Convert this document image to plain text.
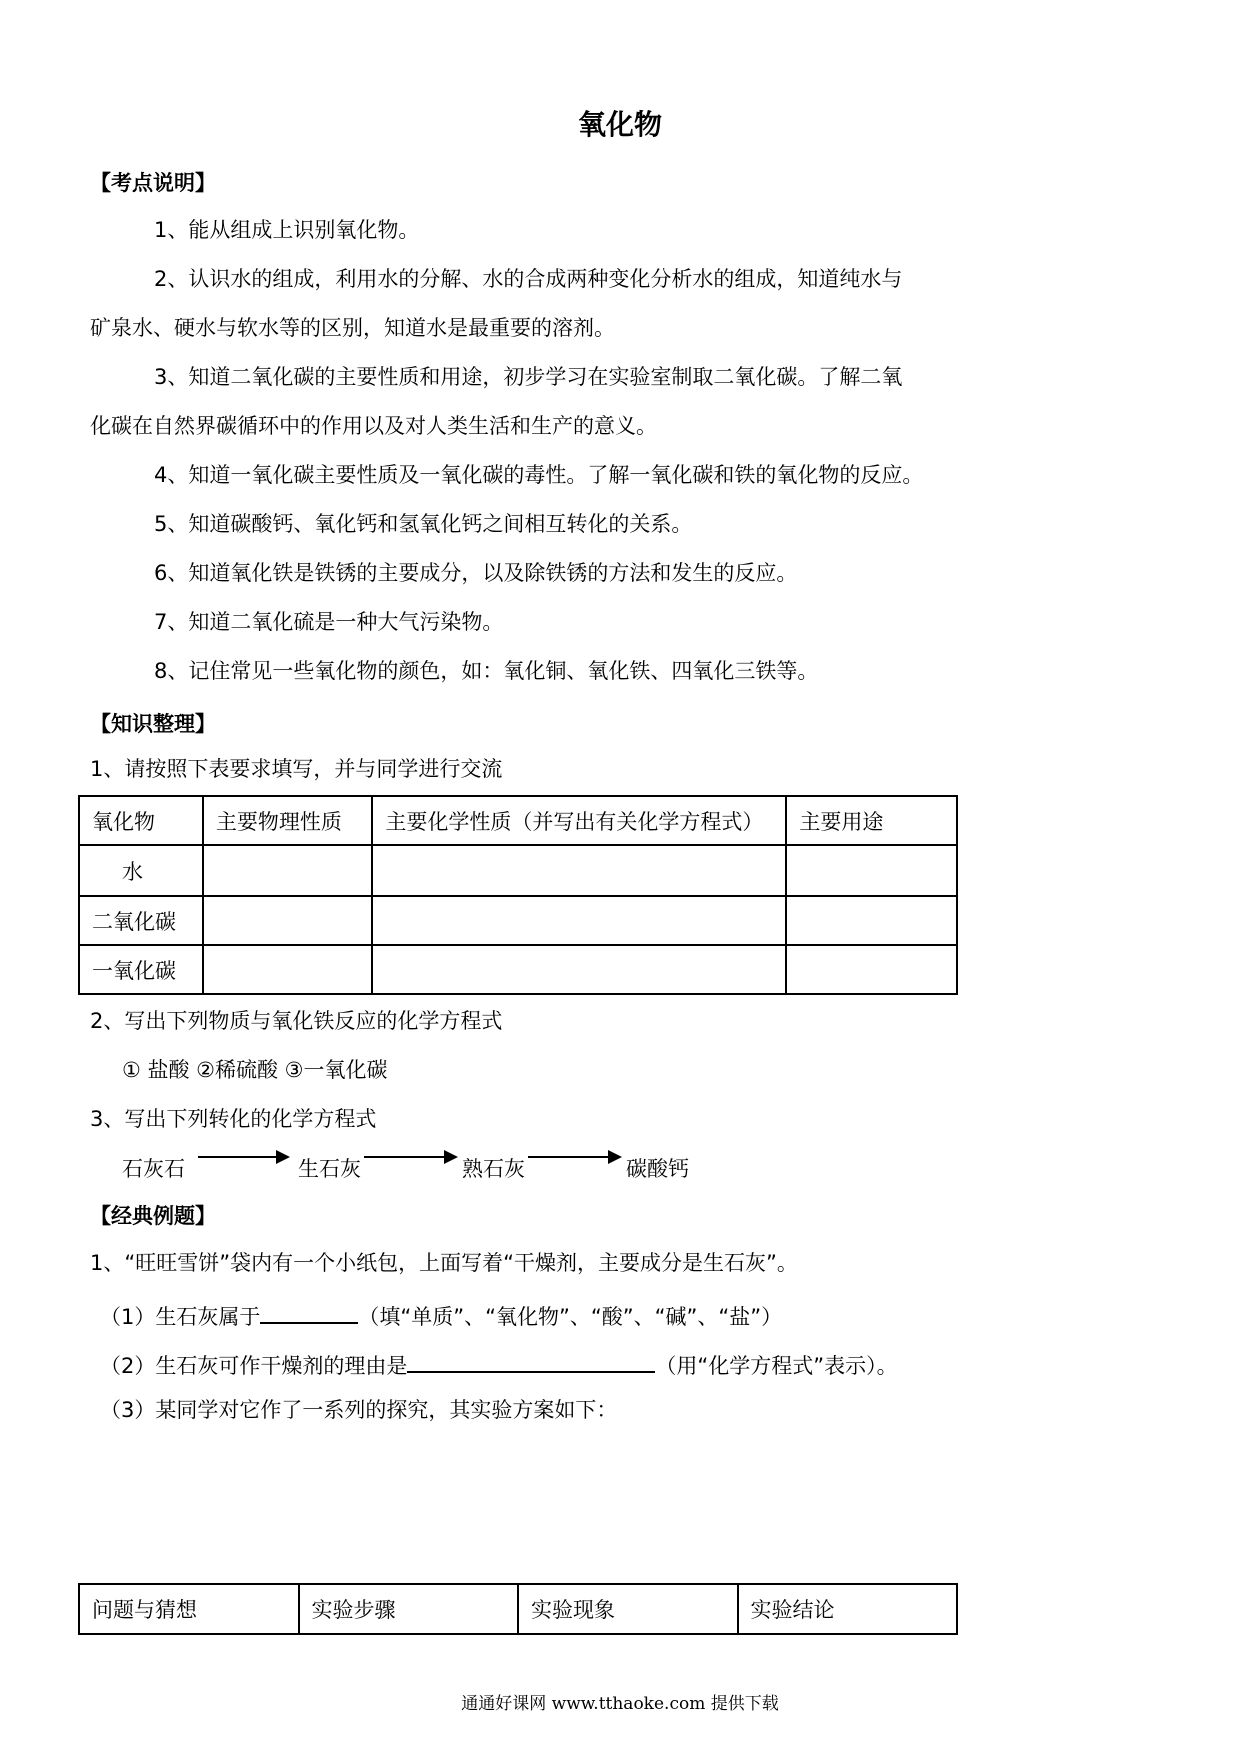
氧化物
【考点说明】
1、能从组成上识别氧化物。
2、认识水的组成，利用水的分解、水的合成两种变化分析水的组成，知道纯水与
矿泉水、硬水与软水等的区别，知道水是最重要的溶剂。
3、知道二氧化碳的主要性质和用途，初步学习在实验室制取二氧化碳。了解二氧
化碳在自然界碳循环中的作用以及对人类生活和生产的意义。
4、知道一氧化碳主要性质及一氧化碳的毒性。了解一氧化碳和铁的氧化物的反应。
5、知道碳酸钙、氧化钙和氢氧化钙之间相互转化的关系。
6、知道氧化铁是铁锈的主要成分，以及除铁锈的方法和发生的反应。
7、知道二氧化硫是一种大气污染物。
8、记住常见一些氧化物的颜色，如：氧化铜、氧化铁、四氧化三铁等。
【知识整理】
1、请按照下表要求填写，并与同学进行交流
氧化物	主要物理性质	主要化学性质（并写出有关化学方程式）	主要用途
水			
二氧化碳			
一氧化碳			
2、写出下列物质与氧化铁反应的化学方程式
① 盐酸 ②稀硫酸 ③一氧化碳
3、写出下列转化的化学方程式
石灰石	生石灰	熟石灰	碳酸钙
【经典例题】
1、“旺旺雪饼”袋内有一个小纸包，上面写着“干燥剂，主要成分是生石灰”。
（1）生石灰属于	（填“单质”、“氧化物”、“酸”、“碱”、“盐”）
（2）生石灰可作干燥剂的理由是	（用“化学方程式”表示）。
（3）某同学对它作了一系列的探究，其实验方案如下：
问题与猜想	实验步骤	实验现象	实验结论
通通好课网 www.tthaoke.com 提供下载
